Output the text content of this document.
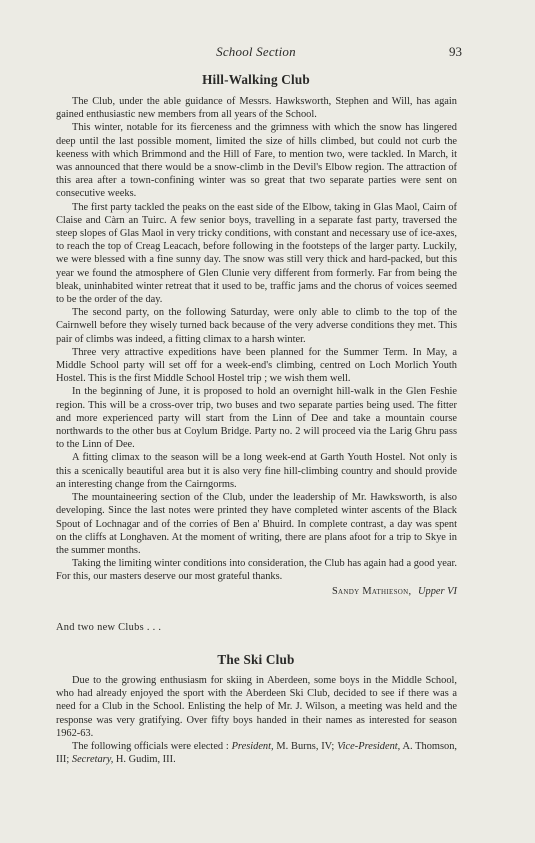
School Section	93
Hill-Walking Club

The Club, under the able guidance of Messrs. Hawksworth, Stephen and Will, has again gained enthusiastic new members from all years of the School.

This winter, notable for its fierceness and the grimness with which the snow has lingered deep until the last possible moment, limited the size of hills climbed, but could not curb the keeness with which Brimmond and the Hill of Fare, to mention two, were tackled. In March, it was announced that there would be a snow-climb in the Devil's Elbow region. The attraction of this area after a town-confining winter was so great that two separate parties were sent on consecutive weeks.

The first party tackled the peaks on the east side of the Elbow, taking in Glas Maol, Cairn of Claise and Càrn an Tuirc. A few senior boys, travelling in a separate fast party, traversed the steep slopes of Glas Maol in very tricky conditions, with constant and necessary use of ice-axes, to reach the top of Creag Leacach, before following in the footsteps of the larger party. Luckily, we were blessed with a fine sunny day. The snow was still very thick and hard-packed, but this year we found the atmosphere of Glen Clunie very different from formerly. Far from being the bleak, uninhabited winter retreat that it used to be, traffic jams and the chorus of voices seemed to be the order of the day.

The second party, on the following Saturday, were only able to climb to the top of the Cairnwell before they wisely turned back because of the very adverse conditions they met. This pair of climbs was indeed, a fitting climax to a harsh winter.

Three very attractive expeditions have been planned for the Summer Term. In May, a Middle School party will set off for a week-end's climbing, centred on Loch Morlich Youth Hostel. This is the first Middle School Hostel trip ; we wish them well.

In the beginning of June, it is proposed to hold an overnight hill-walk in the Glen Feshie region. This will be a cross-over trip, two buses and two separate parties being used. The fitter and more experienced party will start from the Linn of Dee and take a mountain course northwards to the other bus at Coylum Bridge. Party no. 2 will proceed via the Larig Ghru pass to the Linn of Dee.

A fitting climax to the season will be a long week-end at Garth Youth Hostel. Not only is this a scenically beautiful area but it is also very fine hill-climbing country and should provide an interesting change from the Cairngorms.

The mountaineering section of the Club, under the leadership of Mr. Hawksworth, is also developing. Since the last notes were printed they have completed winter ascents of the Black Spout of Lochnagar and of the corries of Ben a' Bhuird. In complete contrast, a day was spent on the cliffs at Longhaven. At the moment of writing, there are plans afoot for a trip to Skye in the summer months.

Taking the limiting winter conditions into consideration, the Club has again had a good year. For this, our masters deserve our most grateful thanks.

Sandy Mathieson, Upper VI
And two new Clubs . . .
The Ski Club

Due to the growing enthusiasm for skiing in Aberdeen, some boys in the Middle School, who had already enjoyed the sport with the Aberdeen Ski Club, decided to see if there was a need for a Club in the School. Enlisting the help of Mr. J. Wilson, a meeting was held and the response was very gratifying. Over fifty boys handed in their names as interested for season 1962-63.

The following officials were elected : President, M. Burns, IV; Vice-President, A. Thomson, III; Secretary, H. Gudim, III.
